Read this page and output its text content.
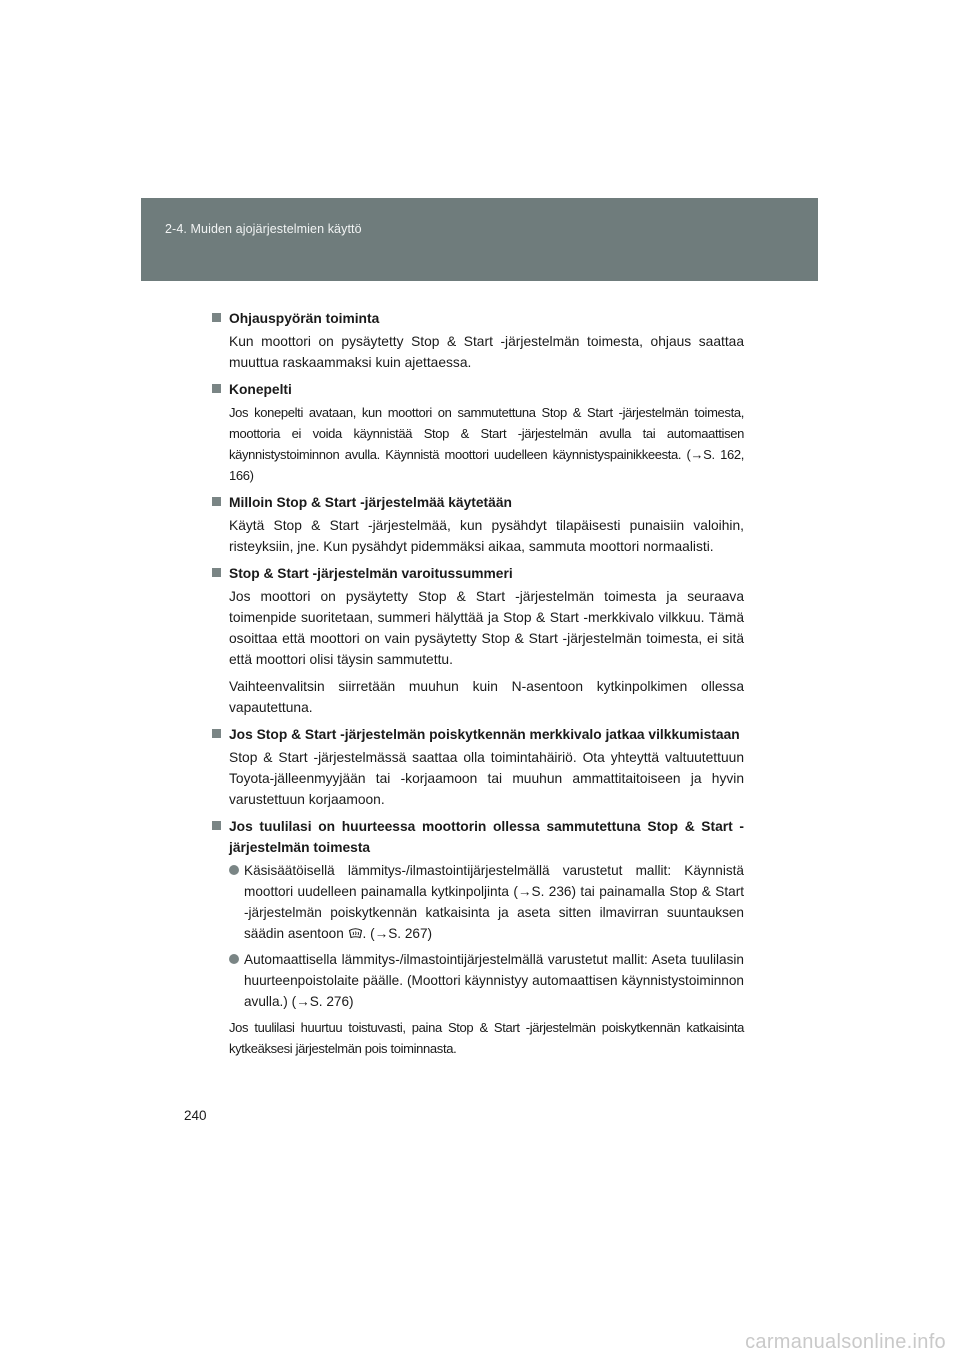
2-4. Muiden ajojärjestelmien käyttö
Ohjauspyörän toiminta
Kun moottori on pysäytetty Stop & Start -järjestelmän toimesta, ohjaus saattaa muuttua raskaammaksi kuin ajettaessa.
Konepelti
Jos konepelti avataan, kun moottori on sammutettuna Stop & Start -järjestelmän toimesta, moottoria ei voida käynnistää Stop & Start -järjestelmän avulla tai automaattisen käynnistystoiminnon avulla. Käynnistä moottori uudelleen käynnistyspainikkeesta. (→S. 162, 166)
Milloin Stop & Start -järjestelmää käytetään
Käytä Stop & Start -järjestelmää, kun pysähdyt tilapäisesti punaisiin valoihin, risteyksiin, jne. Kun pysähdyt pidemmäksi aikaa, sammuta moottori normaalisti.
Stop & Start -järjestelmän varoitussummeri
Jos moottori on pysäytetty Stop & Start -järjestelmän toimesta ja seuraava toimenpide suoritetaan, summeri hälyttää ja Stop & Start -merkkivalo vilkkuu. Tämä osoittaa että moottori on vain pysäytetty Stop & Start -järjestelmän toimesta, ei sitä että moottori olisi täysin sammutettu.
Vaihteenvalitsin siirretään muuhun kuin N-asentoon kytkinpolkimen ollessa vapautettuna.
Jos Stop & Start -järjestelmän poiskytkennän merkkivalo jatkaa vilkkumistaan
Stop & Start -järjestelmässä saattaa olla toimintahäiriö. Ota yhteyttä valtuutettuun Toyota-jälleenmyyjään tai -korjaamoon tai muuhun ammattitaitoiseen ja hyvin varustettuun korjaamoon.
Jos tuulilasi on huurteessa moottorin ollessa sammutettuna Stop & Start -järjestelmän toimesta
Käsisäätöisellä lämmitys-/ilmastointijärjestelmällä varustetut mallit: Käynnistä moottori uudelleen painamalla kytkinpoljinta (→S. 236) tai painamalla Stop & Start -järjestelmän poiskytkennän katkaisinta ja aseta sitten ilmavirran suuntauksen säädin asentoon . (→S. 267)
Automaattisella lämmitys-/ilmastointijärjestelmällä varustetut mallit: Aseta tuulilasin huurteenpoistolaite päälle. (Moottori käynnistyy automaattisen käynnistystoiminnon avulla.) (→S. 276)
Jos tuulilasi huurtuu toistuvasti, paina Stop & Start -järjestelmän poiskytkennän katkaisinta kytkeäksesi järjestelmän pois toiminnasta.
240
carmanualsonline.info
